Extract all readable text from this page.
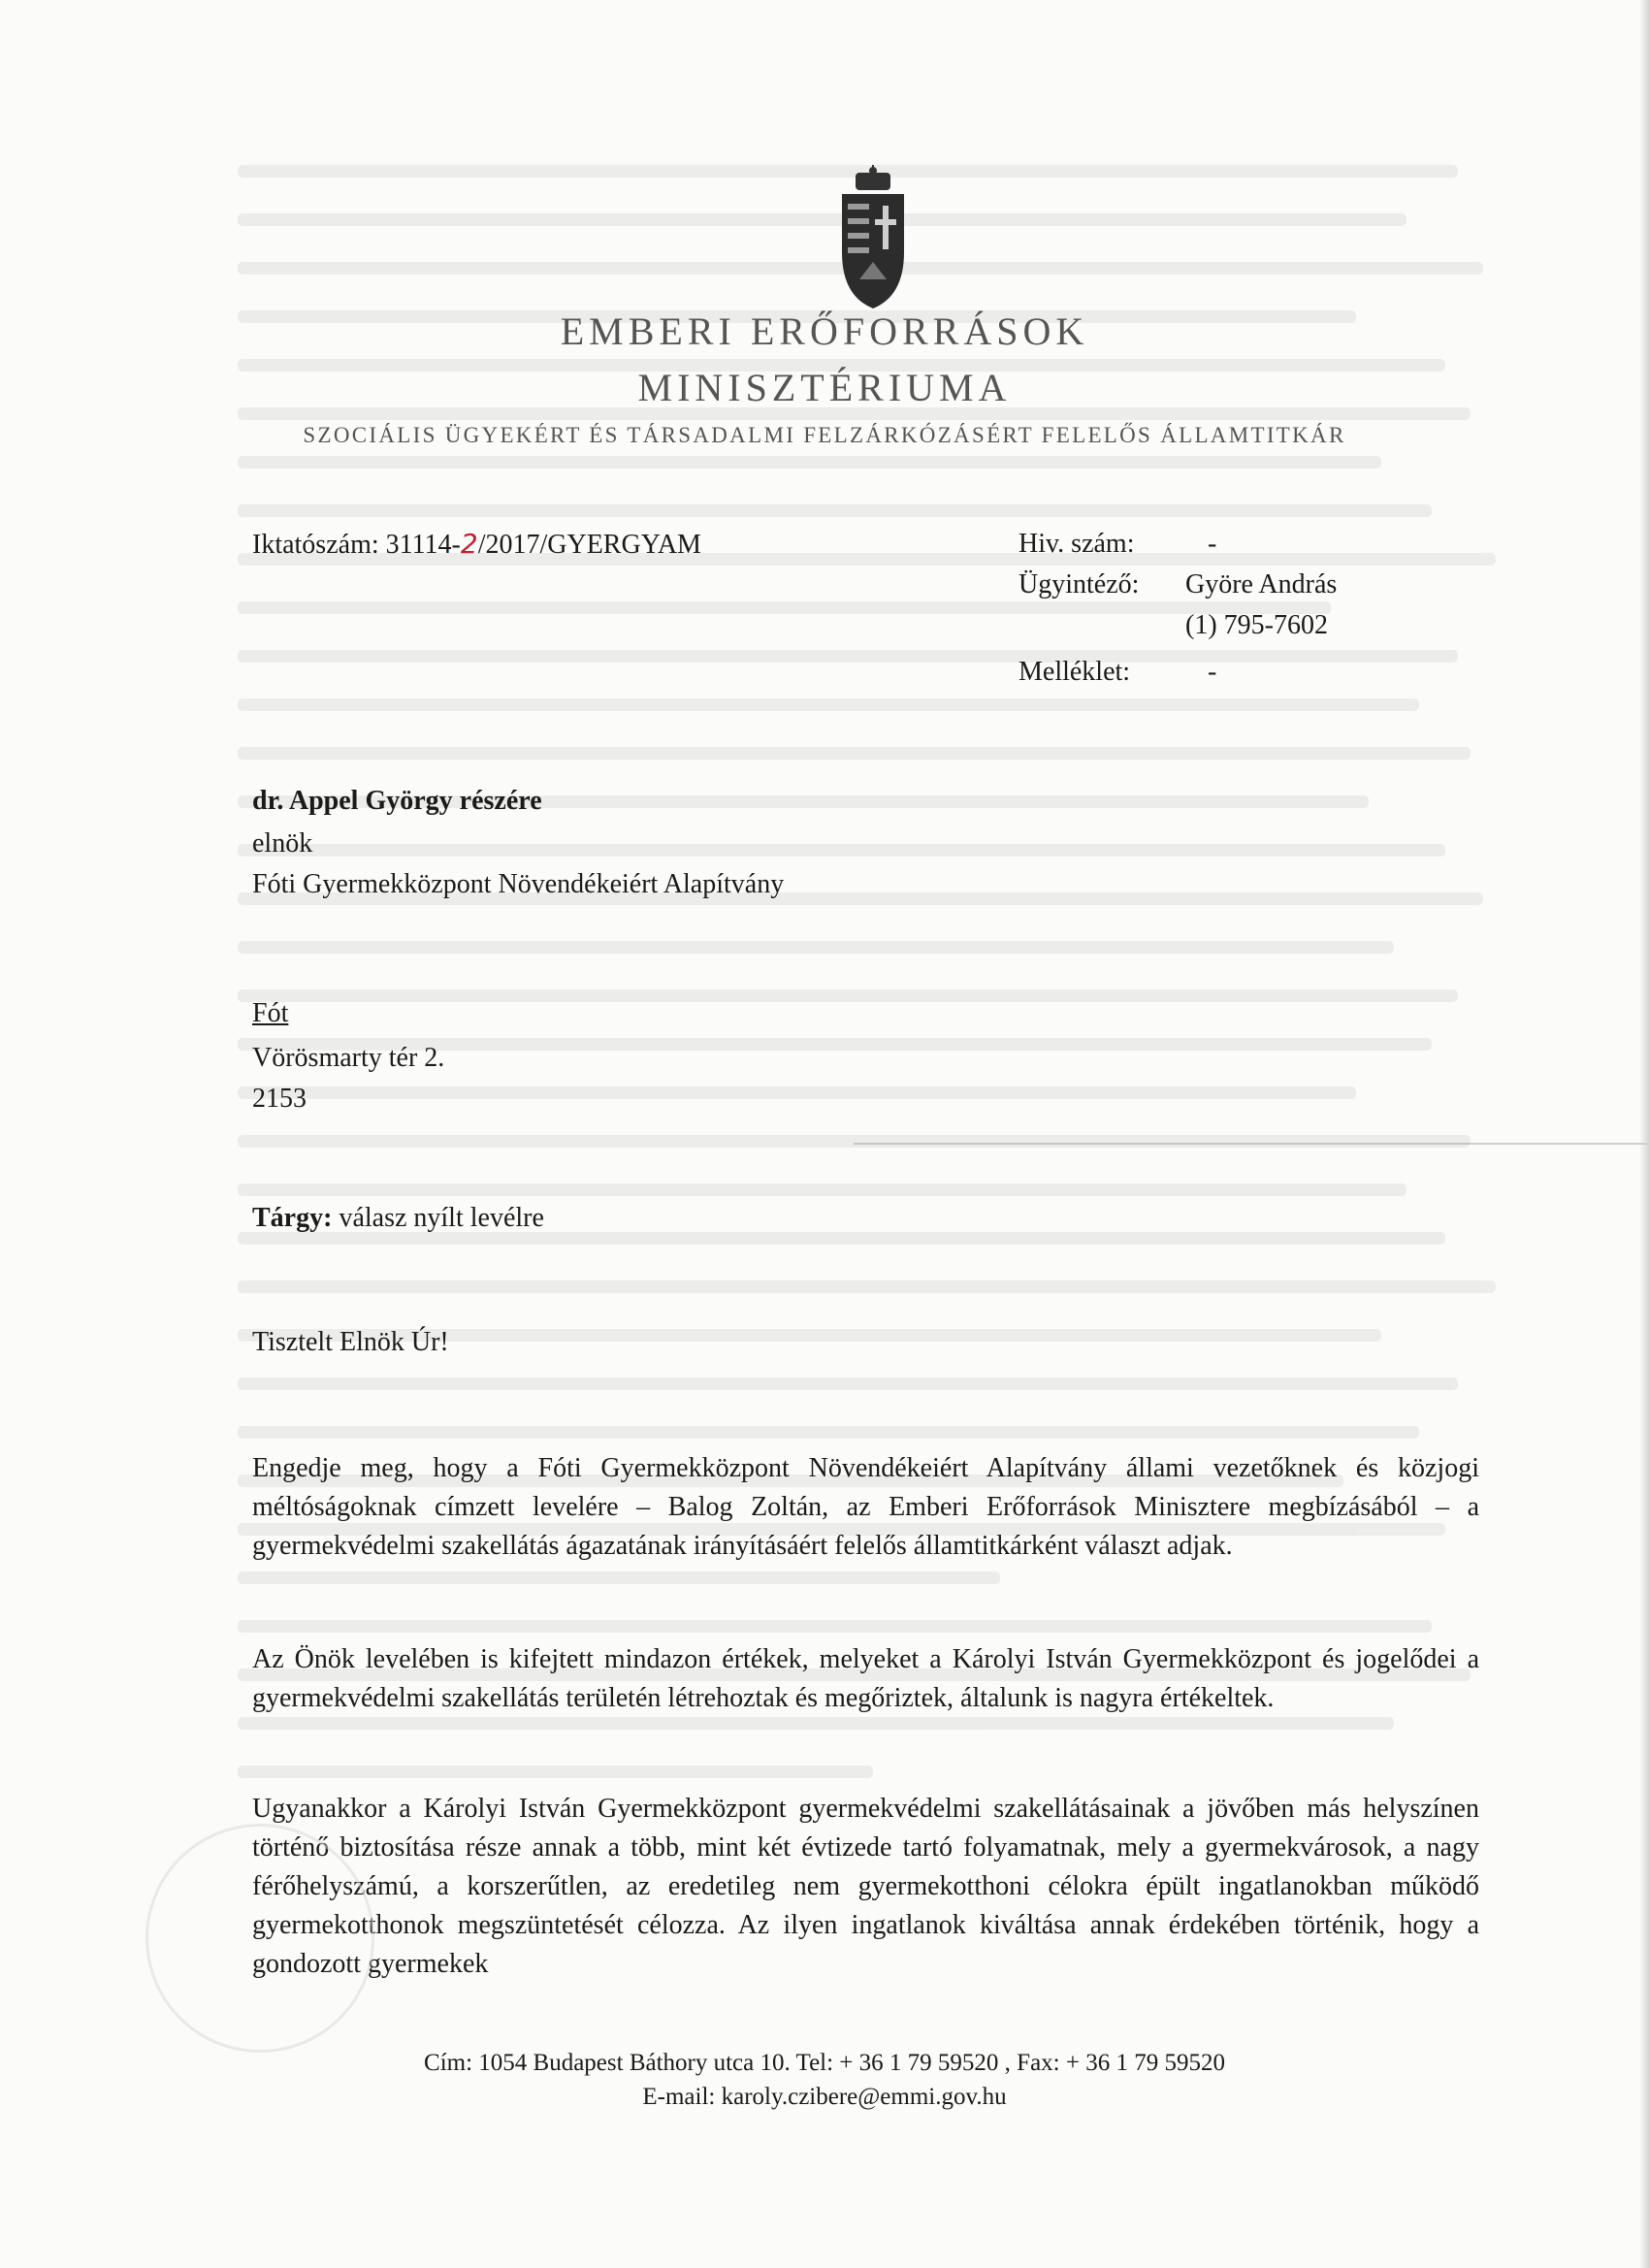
EMBERI ERŐFORRÁSOK
MINISZTÉRIUMA
SZOCIÁLIS ÜGYEKÉRT ÉS TÁRSADALMI FELZÁRKÓZÁSÉRT FELELŐS ÁLLAMTITKÁR
Iktatószám: 31114-2/2017/GYERGYAM	Hiv. szám:	-
Ügyintéző: Györe András
(1) 795-7602
Melléklet:	-
dr. Appel György részére
elnök
Fóti Gyermekközpont Növendékeiért Alapítvány
Fót
Vörösmarty tér 2.
2153
Tárgy: válasz nyílt levélre
Tisztelt Elnök Úr!

Engedje meg, hogy a Fóti Gyermekközpont Növendékeiért Alapítvány állami vezetőknek és közjogi méltóságoknak címzett levelére – Balog Zoltán, az Emberi Erőforrások Minisztere megbízásából – a gyermekvédelmi szakellátás ágazatának irányításáért felelős államtitkárként választ adjak.

Az Önök levelében is kifejtett mindazon értékek, melyeket a Károlyi István Gyermekközpont és jogelődei a gyermekvédelmi szakellátás területén létrehoztak és megőriztek, általunk is nagyra értékeltek.

Ugyanakkor a Károlyi István Gyermekközpont gyermekvédelmi szakellátásainak a jövőben más helyszínen történő biztosítása része annak a több, mint két évtizede tartó folyamatnak, mely a gyermekvárosok, a nagy férőhelyszámú, a korszerűtlen, az eredetileg nem gyermekotthoni célokra épült ingatlanokban működő gyermekotthonok megszüntetését célozza. Az ilyen ingatlanok kiváltása annak érdekében történik, hogy a gondozott gyermekek

Cím: 1054 Budapest Báthory utca 10. Tel: + 36 1 79 59520 , Fax: + 36 1 79 59520
E-mail: karoly.czibere@emmi.gov.hu
